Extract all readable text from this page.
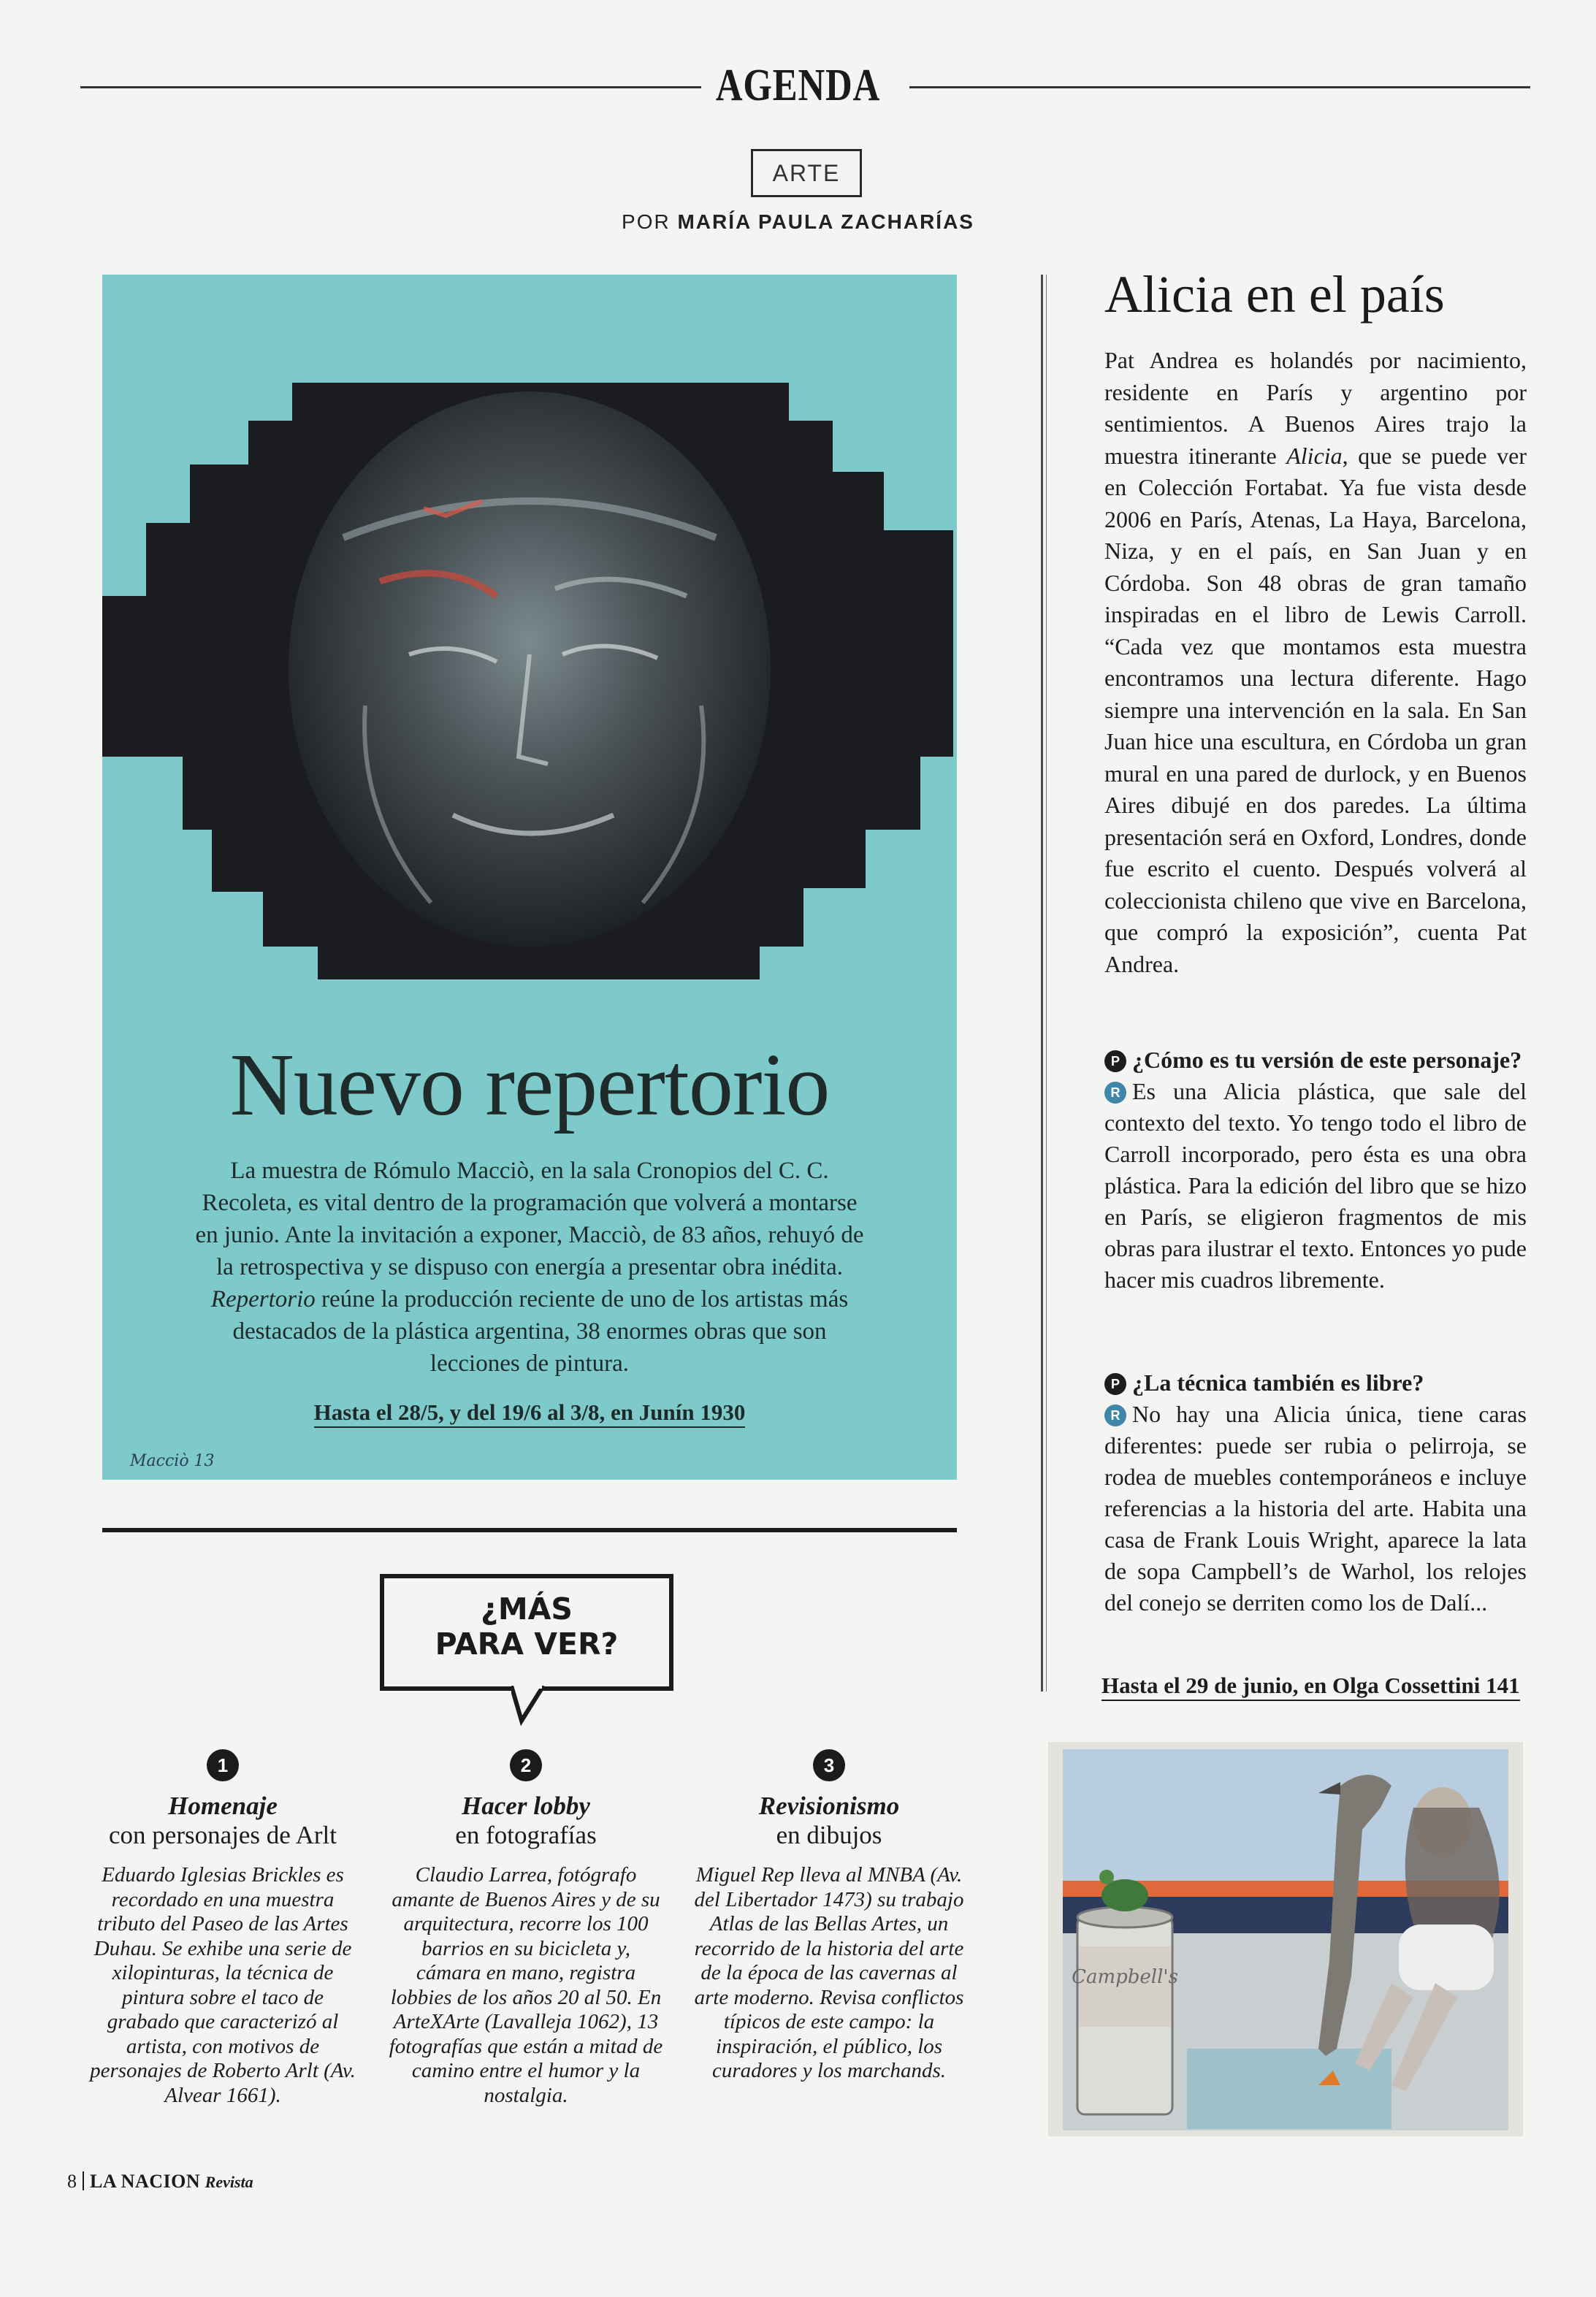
AGENDA
ARTE
POR MARÍA PAULA ZACHARÍAS
Nuevo repertorio
La muestra de Rómulo Macciò, en la sala Cronopios del C. C. Recoleta, es vital dentro de la programación que volverá a montarse en junio. Ante la invitación a exponer, Macciò, de 83 años, rehuyó de la retrospectiva y se dispuso con energía a presentar obra inédita. Repertorio reúne la producción reciente de uno de los artistas más destacados de la plástica argentina, 38 enormes obras que son lecciones de pintura.
Hasta el 28/5, y del 19/6 al 3/8, en Junín 1930
Macciò 13
Alicia en el país
Pat Andrea es holandés por nacimiento, residente en París y argentino por sentimientos. A Buenos Aires trajo la muestra itinerante Alicia, que se puede ver en Colección Fortabat. Ya fue vista desde 2006 en París, Atenas, La Haya, Barcelona, Niza, y en el país, en San Juan y en Córdoba. Son 48 obras de gran tamaño inspiradas en el libro de Lewis Carroll. “Cada vez que montamos esta muestra encontramos una lectura diferente. Hago siempre una intervención en la sala. En San Juan hice una escultura, en Córdoba un gran mural en una pared de durlock, y en Buenos Aires dibujé en dos paredes. La última presentación será en Oxford, Londres, donde fue escrito el cuento. Después volverá al coleccionista chileno que vive en Barcelona, que compró la exposición”, cuenta Pat Andrea.
P ¿Cómo es tu versión de este personaje?
R Es una Alicia plástica, que sale del contexto del texto. Yo tengo todo el libro de Carroll incorporado, pero ésta es una obra plástica. Para la edición del libro que se hizo en París, se eligieron fragmentos de mis obras para ilustrar el texto. Entonces yo pude hacer mis cuadros libremente.
P ¿La técnica también es libre?
R No hay una Alicia única, tiene caras diferentes: puede ser rubia o pelirroja, se rodea de muebles contemporáneos e incluye referencias a la historia del arte. Habita una casa de Frank Louis Wright, aparece la lata de sopa Campbell’s de Warhol, los relojes del conejo se derriten como los de Dalí...
Hasta el 29 de junio, en Olga Cossettini 141
Campbell's
¿MÁS
PARA VER?
1
Homenaje
con personajes de Arlt
Eduardo Iglesias Brickles es recordado en una muestra tributo del Paseo de las Artes Duhau. Se exhibe una serie de xilopinturas, la técnica de pintura sobre el taco de grabado que caracterizó al artista, con motivos de personajes de Roberto Arlt (Av. Alvear 1661).
2
Hacer lobby
en fotografías
Claudio Larrea, fotógrafo amante de Buenos Aires y de su arquitectura, recorre los 100 barrios en su bicicleta y, cámara en mano, registra lobbies de los años 20 al 50. En ArteXArte (Lavalleja 1062), 13 fotografías que están a mitad de camino entre el humor y la nostalgia.
3
Revisionismo
en dibujos
Miguel Rep lleva al MNBA (Av. del Libertador 1473) su trabajo Atlas de las Bellas Artes, un recorrido de la historia del arte de la época de las cavernas al arte moderno. Revisa conflictos típicos de este campo: la inspiración, el público, los curadores y los marchands.
8 LA NACION Revista
